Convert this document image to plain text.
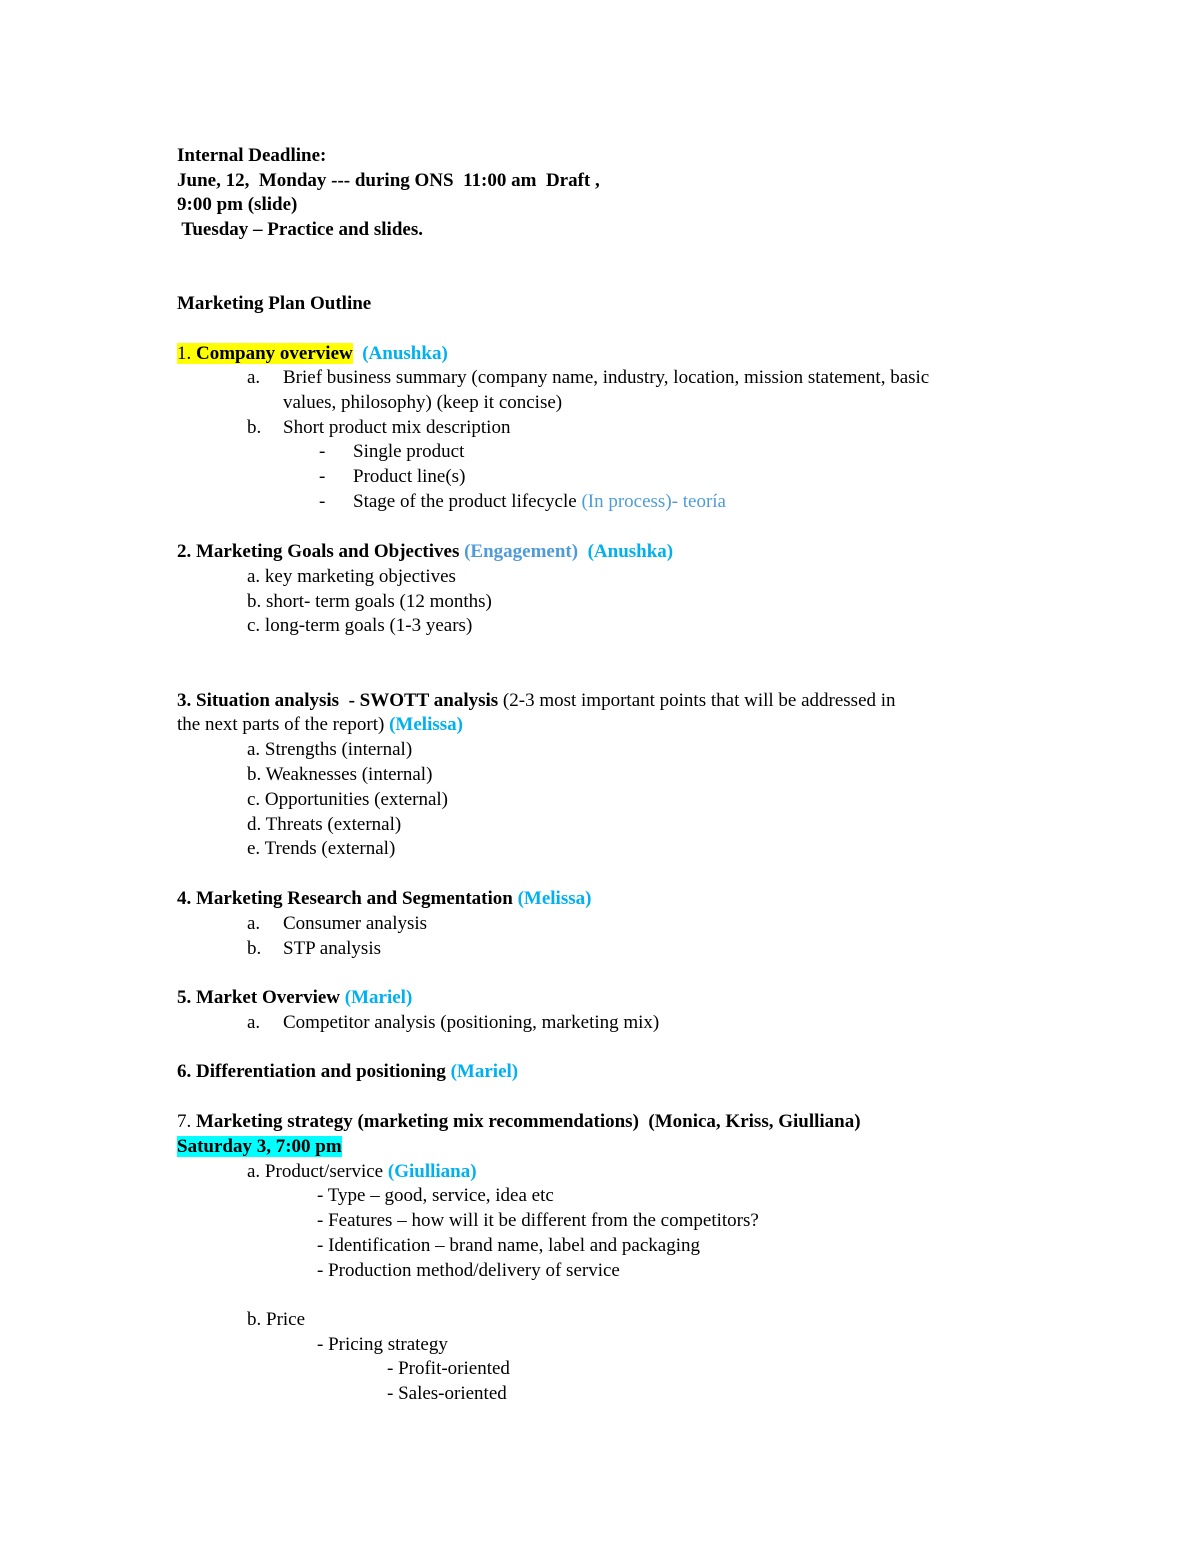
Internal Deadline:
June, 12,  Monday --- during ONS  11:00 am  Draft ,
9:00 pm (slide)
Tuesday – Practice and slides.
Marketing Plan Outline
1. Company overview (Anushka)
a. Brief business summary (company name, industry, location, mission statement, basic
values, philosophy) (keep it concise)
b. Short product mix description
- Single product
- Product line(s)
- Stage of the product lifecycle (In process)- teoría
2. Marketing Goals and Objectives (Engagement) (Anushka)
a. key marketing objectives
b. short- term goals (12 months)
c. long-term goals (1-3 years)
3. Situation analysis  - SWOTT analysis (2-3 most important points that will be addressed in
the next parts of the report) (Melissa)
a. Strengths (internal)
b. Weaknesses (internal)
c. Opportunities (external)
d. Threats (external)
e. Trends (external)
4. Marketing Research and Segmentation (Melissa)
a. Consumer analysis
b. STP analysis
5. Market Overview (Mariel)
a. Competitor analysis (positioning, marketing mix)
6. Differentiation and positioning (Mariel)
7. Marketing strategy (marketing mix recommendations)  (Monica, Kriss, Giulliana)
Saturday 3, 7:00 pm
a. Product/service (Giulliana)
- Type – good, service, idea etc
- Features – how will it be different from the competitors?
- Identification – brand name, label and packaging
- Production method/delivery of service
b. Price
- Pricing strategy
- Profit-oriented
- Sales-oriented
